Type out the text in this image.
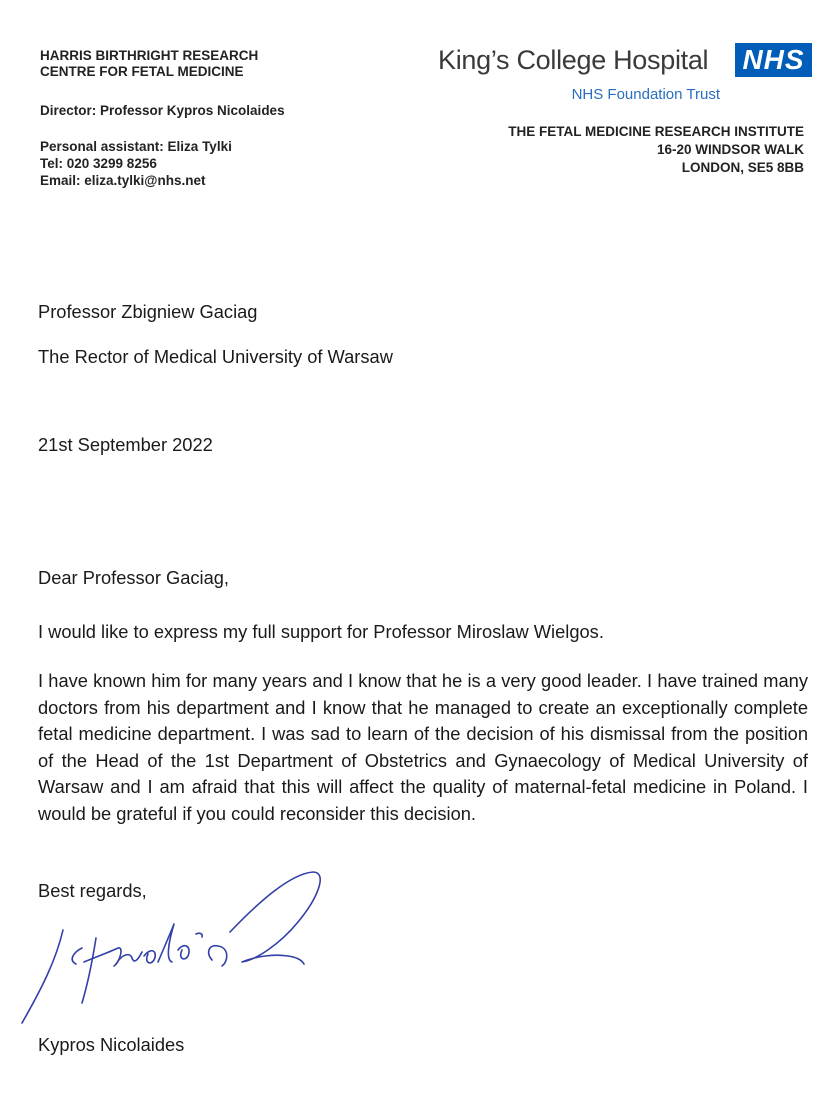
HARRIS BIRTHRIGHT RESEARCH
CENTRE FOR FETAL MEDICINE
Director: Professor Kypros Nicolaides
Personal assistant: Eliza Tylki
Tel: 020 3299 8256
Email: eliza.tylki@nhs.net
King’s College Hospital NHS
NHS Foundation Trust
THE FETAL MEDICINE RESEARCH INSTITUTE
16-20 WINDSOR WALK
LONDON, SE5 8BB
Professor Zbigniew Gaciag
The Rector of Medical University of Warsaw
21st September 2022
Dear Professor Gaciag,
I would like to express my full support for Professor Miroslaw Wielgos.
I have known him for many years and I know that he is a very good leader. I have trained many doctors from his department and I know that he managed to create an exceptionally complete fetal medicine department. I was sad to learn of the decision of his dismissal from the position of the Head of the 1st Department of Obstetrics and Gynaecology of Medical University of Warsaw and I am afraid that this will affect the quality of maternal-fetal medicine in Poland. I would be grateful if you could reconsider this decision.
Best regards,
Kypros Nicolaides
